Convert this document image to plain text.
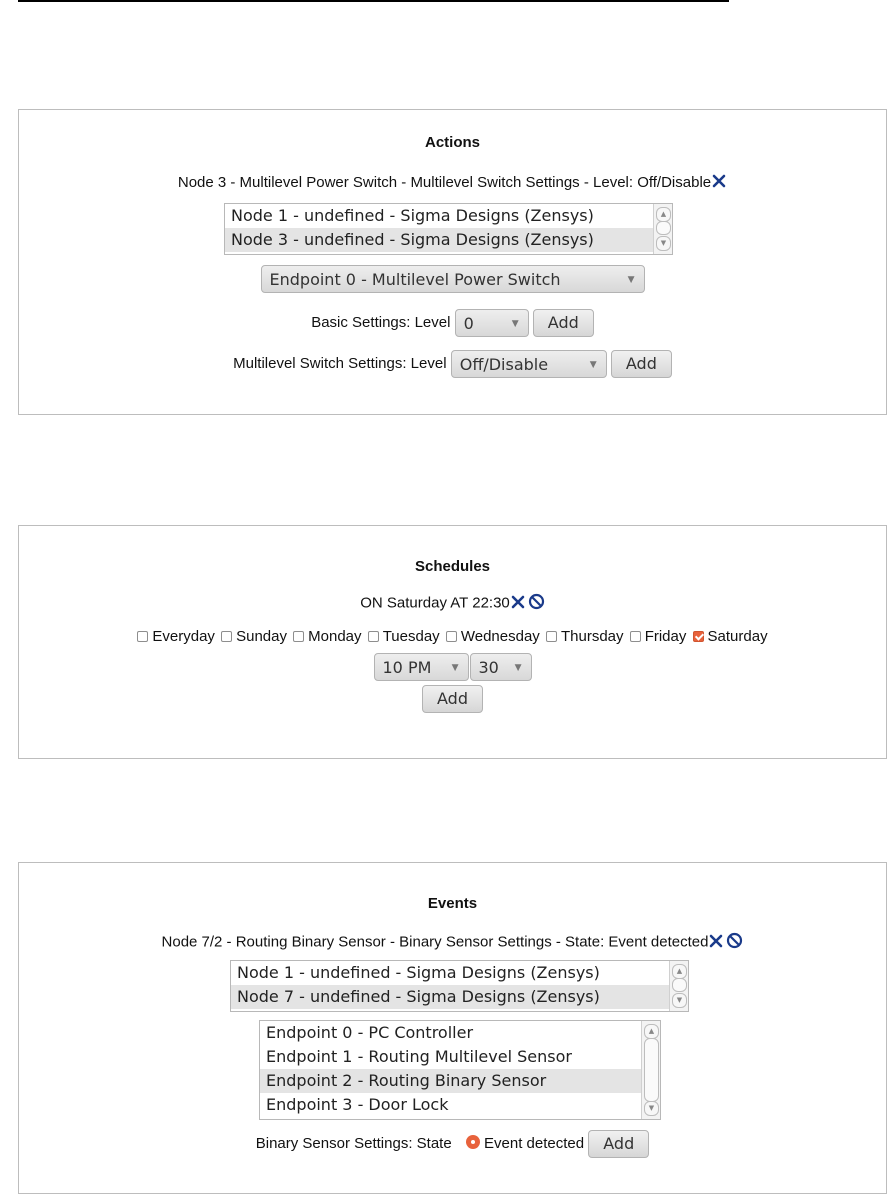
Actions
Node 3 - Multilevel Power Switch - Multilevel Switch Settings - Level: Off/Disable
Node 1 - undefined - Sigma Designs (Zensys)
Node 3 - undefined - Sigma Designs (Zensys)
▲
▼
Endpoint 0 - Multilevel Power Switch	▼
Basic Settings: Level 0	▼ Add
Multilevel Switch Settings: Level Off/Disable	▼ Add
Schedules
ON Saturday AT 22:30
Everyday Sunday Monday Tuesday Wednesday Thursday Friday Saturday
10 PM ▼ 30 ▼
Add
Events
Node 7/2 - Routing Binary Sensor - Binary Sensor Settings - State: Event detected
Node 1 - undefined - Sigma Designs (Zensys)
Node 7 - undefined - Sigma Designs (Zensys)
▲
▼
Endpoint 0 - PC Controller
Endpoint 1 - Routing Multilevel Sensor
Endpoint 2 - Routing Binary Sensor
Endpoint 3 - Door Lock
▲
▼
Binary Sensor Settings: State Event detected Add
